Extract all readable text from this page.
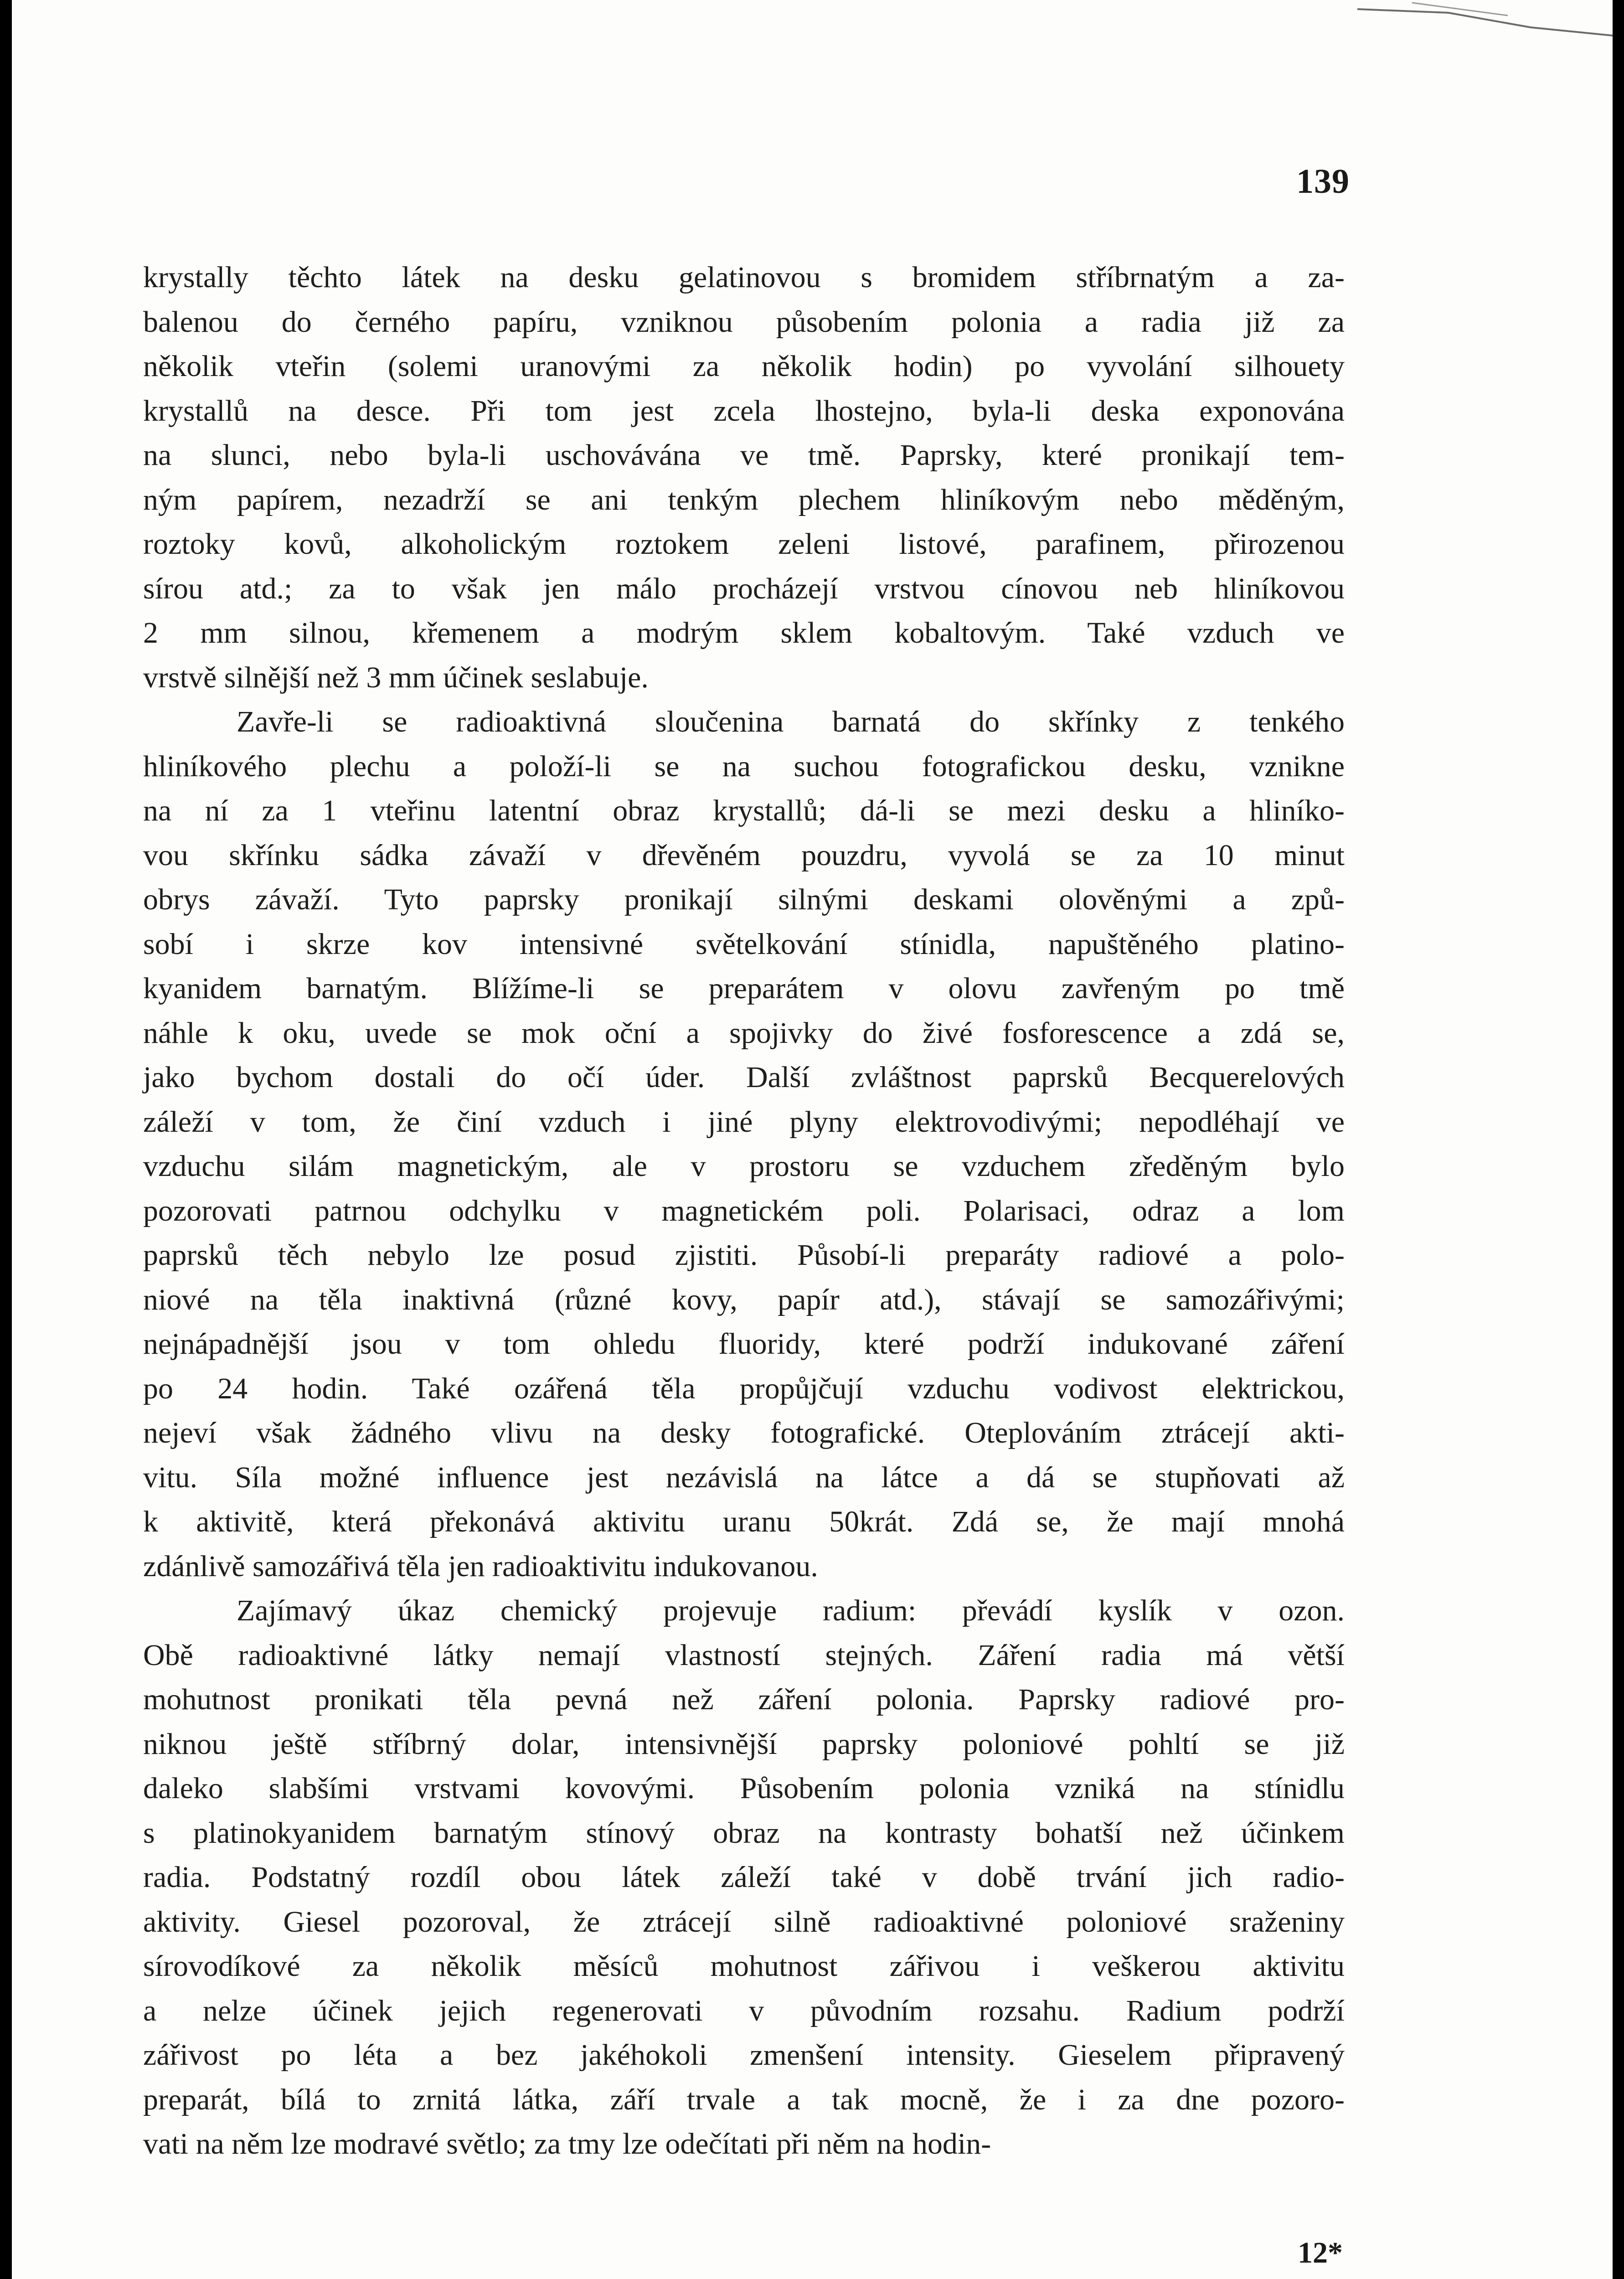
139
krystally těchto látek na desku gelatinovou s bromidem stříbrnatým a za-
balenou do černého papíru, vzniknou působením polonia a radia již za
několik vteřin (solemi uranovými za několik hodin) po vyvolání silhouety
krystallů na desce. Při tom jest zcela lhostejno, byla-li deska exponována
na slunci, nebo byla-li uschovávána ve tmě. Paprsky, které pronikají tem-
ným papírem, nezadrží se ani tenkým plechem hliníkovým nebo měděným,
roztoky kovů, alkoholickým roztokem zeleni listové, parafinem, přirozenou
sírou atd.; za to však jen málo procházejí vrstvou cínovou neb hliníkovou
2 mm silnou, křemenem a modrým sklem kobaltovým. Také vzduch ve
vrstvě silnější než 3 mm účinek seslabuje.
Zavře-li se radioaktivná sloučenina barnatá do skřínky z tenkého
hliníkového plechu a položí-li se na suchou fotografickou desku, vznikne
na ní za 1 vteřinu latentní obraz krystallů; dá-li se mezi desku a hliníko-
vou skřínku sádka závaží v dřevěném pouzdru, vyvolá se za 10 minut
obrys závaží. Tyto paprsky pronikají silnými deskami olověnými a způ-
sobí i skrze kov intensivné světelkování stínidla, napuštěného platino-
kyanidem barnatým. Blížíme-li se preparátem v olovu zavřeným po tmě
náhle k oku, uvede se mok oční a spojivky do živé fosforescence a zdá se,
jako bychom dostali do očí úder. Další zvláštnost paprsků Becquerelových
záleží v tom, že činí vzduch i jiné plyny elektrovodivými; nepodléhají ve
vzduchu silám magnetickým, ale v prostoru se vzduchem zředěným bylo
pozorovati patrnou odchylku v magnetickém poli. Polarisaci, odraz a lom
paprsků těch nebylo lze posud zjistiti. Působí-li preparáty radiové a polo-
niové na těla inaktivná (různé kovy, papír atd.), stávají se samozářivými;
nejnápadnější jsou v tom ohledu fluoridy, které podrží indukované záření
po 24 hodin. Také ozářená těla propůjčují vzduchu vodivost elektrickou,
nejeví však žádného vlivu na desky fotografické. Oteplováním ztrácejí akti-
vitu. Síla možné influence jest nezávislá na látce a dá se stupňovati až
k aktivitě, která překonává aktivitu uranu 50krát. Zdá se, že mají mnohá
zdánlivě samozářivá těla jen radioaktivitu indukovanou.
Zajímavý úkaz chemický projevuje radium: převádí kyslík v ozon.
Obě radioaktivné látky nemají vlastností stejných. Záření radia má větší
mohutnost pronikati těla pevná než záření polonia. Paprsky radiové pro-
niknou ještě stříbrný dolar, intensivnější paprsky poloniové pohltí se již
daleko slabšími vrstvami kovovými. Působením polonia vzniká na stínidlu
s platinokyanidem barnatým stínový obraz na kontrasty bohatší než účinkem
radia. Podstatný rozdíl obou látek záleží také v době trvání jich radio-
aktivity. Giesel pozoroval, že ztrácejí silně radioaktivné poloniové sraženiny
sírovodíkové za několik měsíců mohutnost zářivou i veškerou aktivitu
a nelze účinek jejich regenerovati v původním rozsahu. Radium podrží
zářivost po léta a bez jakéhokoli zmenšení intensity. Gieselem připravený
preparát, bílá to zrnitá látka, září trvale a tak mocně, že i za dne pozoro-
vati na něm lze modravé světlo; za tmy lze odečítati při něm na hodin-
12*
